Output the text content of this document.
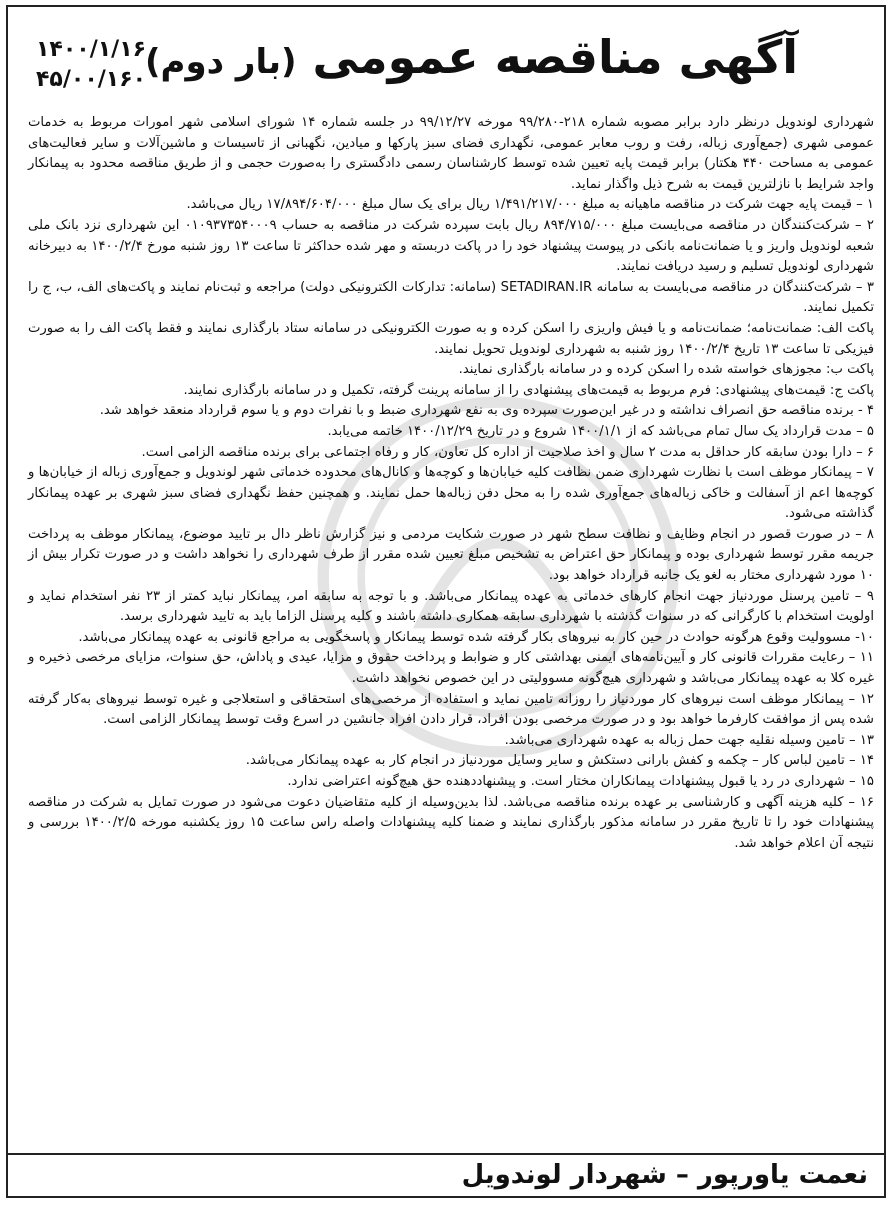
۱۴۰۰/۱/۱۶
۴۵/۰۰/۱۶۰	آگهی مناقصه عمومی (بار دوم)

شهرداری لوندویل درنظر دارد برابر مصوبه شماره ۲۱۸-۹۹/۲۸۰ مورخه ۹۹/۱۲/۲۷ در جلسه شماره ۱۴ شورای اسلامی شهر امورات مربوط به خدمات عمومی شهری (جمع‌آوری زباله، رفت و روب معابر عمومی، نگهداری فضای سبز پارکها و میادین، نگهبانی از تاسیسات و ماشین‌آلات و سایر فعالیت‌های عمومی به مساحت ۴۴۰ هکتار) برابر قیمت پایه تعیین شده توسط کارشناسان رسمی دادگستری را به‌صورت حجمی و از طریق مناقصه محدود به پیمانکار واجد شرایط با نازلترین قیمت به شرح ذیل واگذار نماید.

۱ – قیمت پایه جهت شرکت در مناقصه ماهیانه به مبلغ ۱/۴۹۱/۲۱۷/۰۰۰ ریال برای یک سال مبلغ ۱۷/۸۹۴/۶۰۴/۰۰۰ ریال می‌باشد.

۲ – شرکت‌کنندگان در مناقصه می‌بایست مبلغ ۸۹۴/۷۱۵/۰۰۰ ریال بابت سپرده شرکت در مناقصه به حساب ۰۱۰۹۳۷۳۵۴۰۰۰۹ این شهرداری نزد بانک ملی شعبه لوندویل واریز و یا ضمانت‌نامه بانکی در پیوست پیشنهاد خود را در پاکت دربسته و مهر شده حداکثر تا ساعت ۱۳ روز شنبه مورخ ۱۴۰۰/۲/۴ به دبیرخانه شهرداری لوندویل تسلیم و رسید دریافت نمایند.

۳ – شرکت‌کنندگان در مناقصه می‌بایست به سامانه SETADIRAN.IR (سامانه: تدارکات الکترونیکی دولت) مراجعه و ثبت‌نام نمایند و پاکت‌های الف، ب، ج را تکمیل نمایند.

پاکت الف: ضمانت‌نامه؛ ضمانت‌نامه و یا فیش واریزی را اسکن کرده و به صورت الکترونیکی در سامانه ستاد بارگذاری نمایند و فقط پاکت الف را به صورت فیزیکی تا ساعت ۱۳ تاریخ ۱۴۰۰/۲/۴ روز شنبه به شهرداری لوندویل تحویل نمایند.

پاکت ب: مجوزهای خواسته شده را اسکن کرده و در سامانه بارگذاری نمایند.

پاکت ج: قیمت‌های پیشنهادی: فرم مربوط به قیمت‌های پیشنهادی را از سامانه پرینت گرفته، تکمیل و در سامانه بارگذاری نمایند.

۴ - برنده مناقصه حق انصراف نداشته و در غیر این‌صورت سپرده وی به نفع شهرداری ضبط و با نفرات دوم و یا سوم قرارداد منعقد خواهد شد.

۵ – مدت قرارداد یک سال تمام می‌باشد که از ۱۴۰۰/۱/۱ شروع و در تاریخ ۱۴۰۰/۱۲/۲۹ خاتمه می‌یابد.

۶ – دارا بودن سابقه کار حداقل به مدت ۲ سال و اخذ صلاحیت از اداره کل تعاون، کار و رفاه اجتماعی برای برنده مناقصه الزامی است.

۷ – پیمانکار موظف است با نظارت شهرداری ضمن نظافت کلیه خیابان‌ها و کوچه‌ها و کانال‌های محدوده خدماتی شهر لوندویل و جمع‌آوری زباله از خیابان‌ها و کوچه‌ها اعم از آسفالت و خاکی زباله‌های جمع‌آوری شده را به محل دفن زباله‌ها حمل نمایند. و همچنین حفظ نگهداری فضای سبز شهری بر عهده پیمانکار گذاشته می‌شود.

۸ – در صورت قصور در انجام وظایف و نظافت سطح شهر در صورت شکایت مردمی و نیز گزارش ناظر دال بر تایید موضوع، پیمانکار موظف به پرداخت جریمه مقرر توسط شهرداری بوده و پیمانکار حق اعتراض به تشخیص مبلغ تعیین شده مقرر از طرف شهرداری را نخواهد داشت و در صورت تکرار بیش از ۱۰ مورد شهرداری مختار به لغو یک جانبه قرارداد خواهد بود.

۹ – تامین پرسنل موردنیاز جهت انجام کارهای خدماتی به عهده پیمانکار می‌باشد. و با توجه به سابقه امر، پیمانکار نباید کمتر از ۲۳ نفر استخدام نماید و اولویت استخدام با کارگرانی که در سنوات گذشته با شهرداری سابقه همکاری داشته باشند و کلیه پرسنل الزاما باید به تایید شهرداری برسد.

۱۰- مسوولیت وقوع هرگونه حوادث در حین کار به نیروهای بکار گرفته شده توسط پیمانکار و پاسخگویی به مراجع قانونی به عهده پیمانکار می‌باشد.

۱۱ – رعایت مقررات قانونی کار و آیین‌نامه‌های ایمنی بهداشتی کار و ضوابط و پرداخت حقوق و مزایا، عیدی و پاداش، حق سنوات، مزایای مرخصی ذخیره و غیره کلا به عهده پیمانکار می‌باشد و شهرداری هیچ‌گونه مسوولیتی در این خصوص نخواهد داشت.

۱۲ – پیمانکار موظف است نیروهای کار موردنیاز را روزانه تامین نماید و استفاده از مرخصی‌های استحقاقی و استعلاجی و غیره توسط نیروهای به‌کار گرفته شده پس از موافقت کارفرما خواهد بود و در صورت مرخصی بودن افراد، قرار دادن افراد جانشین در اسرع وقت توسط پیمانکار الزامی است.

۱۳ – تامین وسیله نقلیه جهت حمل زباله به عهده شهرداری می‌باشد.

۱۴ – تامین لباس کار – چکمه و کفش بارانی دستکش و سایر وسایل موردنیاز در انجام کار به عهده پیمانکار می‌باشد.

۱۵ – شهرداری در رد یا قبول پیشنهادات پیمانکاران مختار است. و پیشنهاددهنده حق هیچ‌گونه اعتراضی ندارد.

۱۶ – کلیه هزینه آگهی و کارشناسی بر عهده برنده مناقصه می‌باشد. لذا بدین‌وسیله از کلیه متقاضیان دعوت می‌شود در صورت تمایل به شرکت در مناقصه پیشنهادات خود را تا تاریخ مقرر در سامانه مذکور بارگذاری نمایند و ضمنا کلیه پیشنهادات واصله راس ساعت ۱۵ روز یکشنبه مورخه ۱۴۰۰/۲/۵ بررسی و نتیجه آن اعلام خواهد شد.

نعمت یاورپور – شهردار لوندویل
